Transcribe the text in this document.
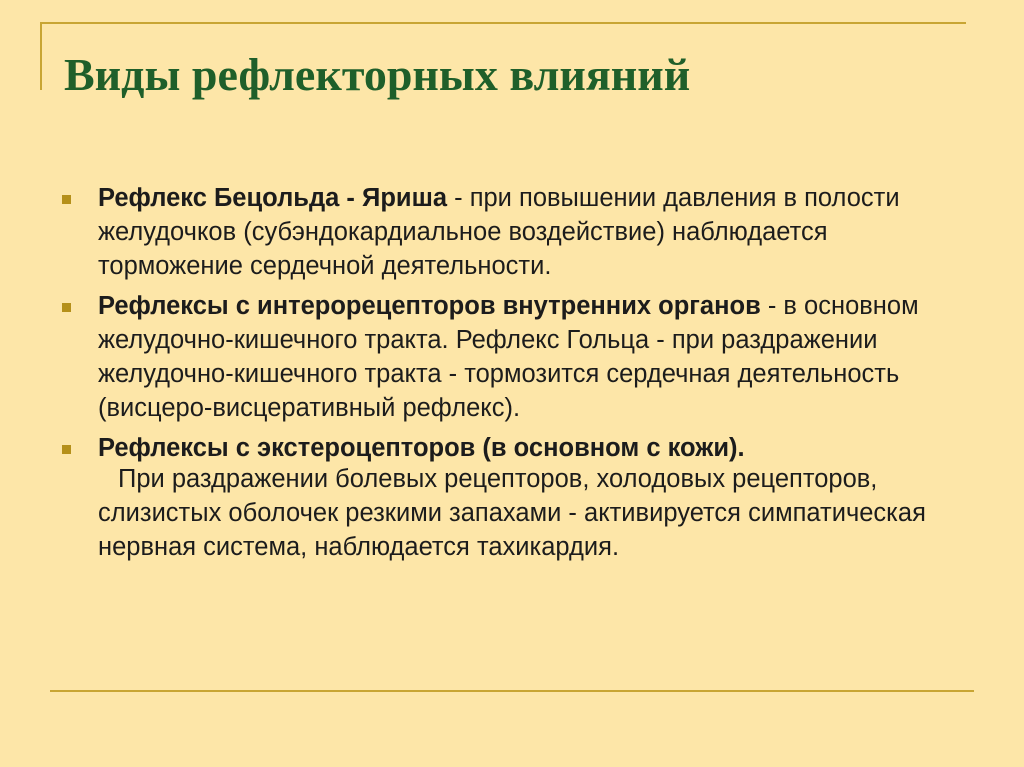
Виды рефлекторных влияний
Рефлекс Бецольда - Яриша - при повышении давления в полости желудочков (субэндокардиальное воздействие) наблюдается торможение сердечной деятельности.
Рефлексы с интерорецепторов внутренних органов - в основном желудочно-кишечного тракта. Рефлекс Гольца - при раздражении желудочно-кишечного тракта - тормозится сердечная деятельность (висцеро-висцеративный рефлекс).
Рефлексы с экстероцепторов (в основном с кожи).

При раздражении болевых рецепторов, холодовых рецепторов, слизистых оболочек резкими запахами - активируется симпатическая нервная система, наблюдается тахикардия.
